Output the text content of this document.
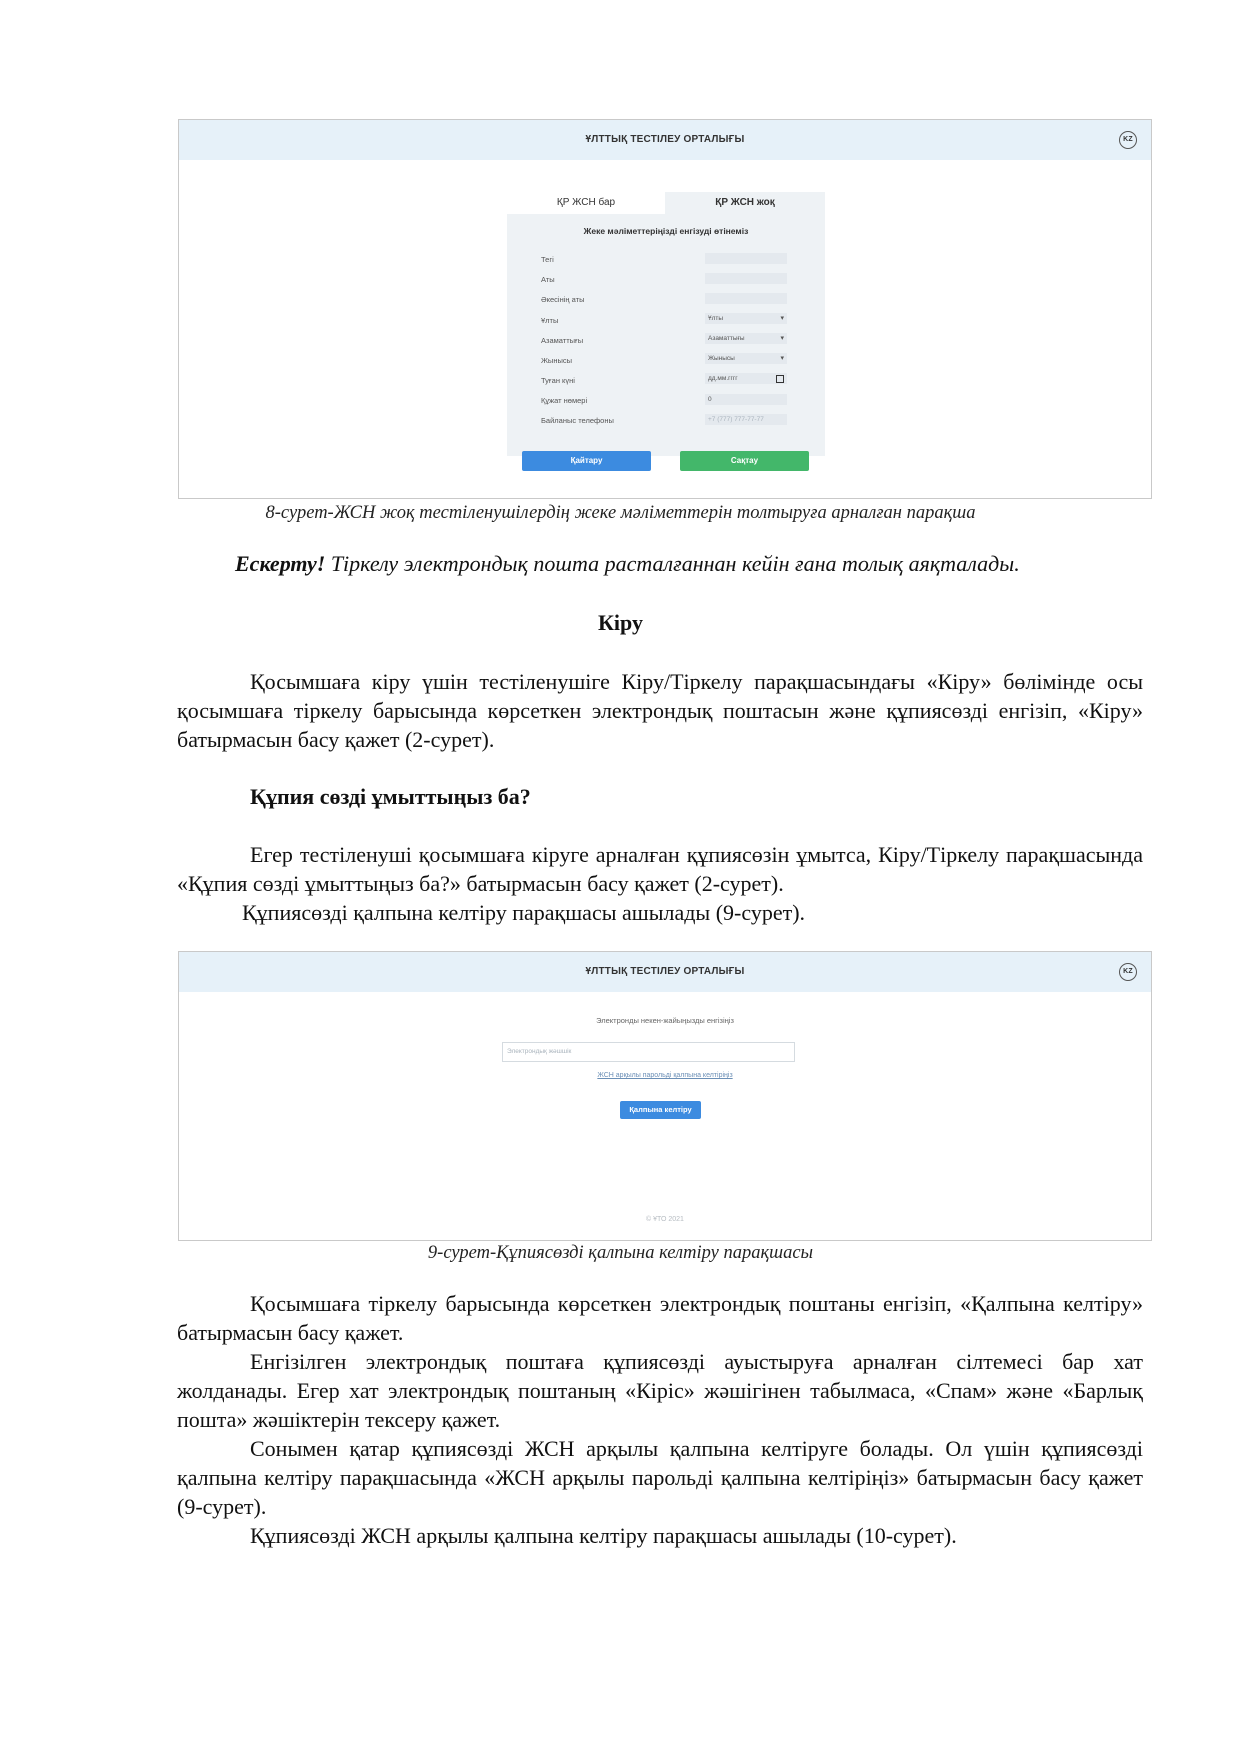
ҰЛТТЫҚ ТЕСТІЛЕУ ОРТАЛЫҒЫ	KZ
ҚР ЖСН бар	ҚР ЖСН жоқ
Жеке мәліметтеріңізді енгізуді өтінеміз
Тегі
Аты
Әкесінің аты
Ұлты	Ұлты	▾
Азаматтығы	Азаматтығы	▾
Жынысы	Жынысы	▾
Туған күні	дд.мм.гггг
Құжат нөмері	0
Байланыс телефоны	+7 (777) 777-77-77
Қайтару	Сақтау
8-сурет-ЖСН жоқ тестіленушілердің жеке мәліметтерін толтыруға арналған парақша
Ескерту! Тіркелу электрондық пошта расталғаннан кейін ғана толық аяқталады.
Кіру

Қосымшаға кіру үшін тестіленушіге Кіру/Тіркелу парақшасындағы «Кіру» бөлімінде осы қосымшаға тіркелу барысында көрсеткен электрондық поштасын және құпиясөзді енгізіп, «Кіру» батырмасын басу қажет (2-сурет).

Құпия сөзді ұмыттыңыз ба?

Егер тестіленуші қосымшаға кіруге арналған құпиясөзін ұмытса, Кіру/Тіркелу парақшасында «Құпия сөзді ұмыттыңыз ба?» батырмасын басу қажет (2-сурет).

Құпиясөзді қалпына келтіру парақшасы ашылады (9-сурет).

ҰЛТТЫҚ ТЕСТІЛЕУ ОРТАЛЫҒЫ	KZ
Электронды некен-жайыңызды енгізіңіз
Электрондық жәшшік
ЖСН арқылы парольді қалпына келтіріңіз
Қалпына келтіру
© ҰТО 2021
9-сурет-Құпиясөзді қалпына келтіру парақшасы

Қосымшаға тіркелу барысында көрсеткен электрондық поштаны енгізіп, «Қалпына келтіру» батырмасын басу қажет.

Енгізілген электрондық поштаға құпиясөзді ауыстыруға арналған сілтемесі бар хат жолданады. Егер хат электрондық поштаның «Кіріс» жәшігінен табылмаса, «Спам» және «Барлық пошта» жәшіктерін тексеру қажет.

Сонымен қатар құпиясөзді ЖСН арқылы қалпына келтіруге болады. Ол үшін құпиясөзді қалпына келтіру парақшасында «ЖСН арқылы парольді қалпына келтіріңіз» батырмасын басу қажет (9-сурет).

Құпиясөзді ЖСН арқылы қалпына келтіру парақшасы ашылады (10-сурет).
